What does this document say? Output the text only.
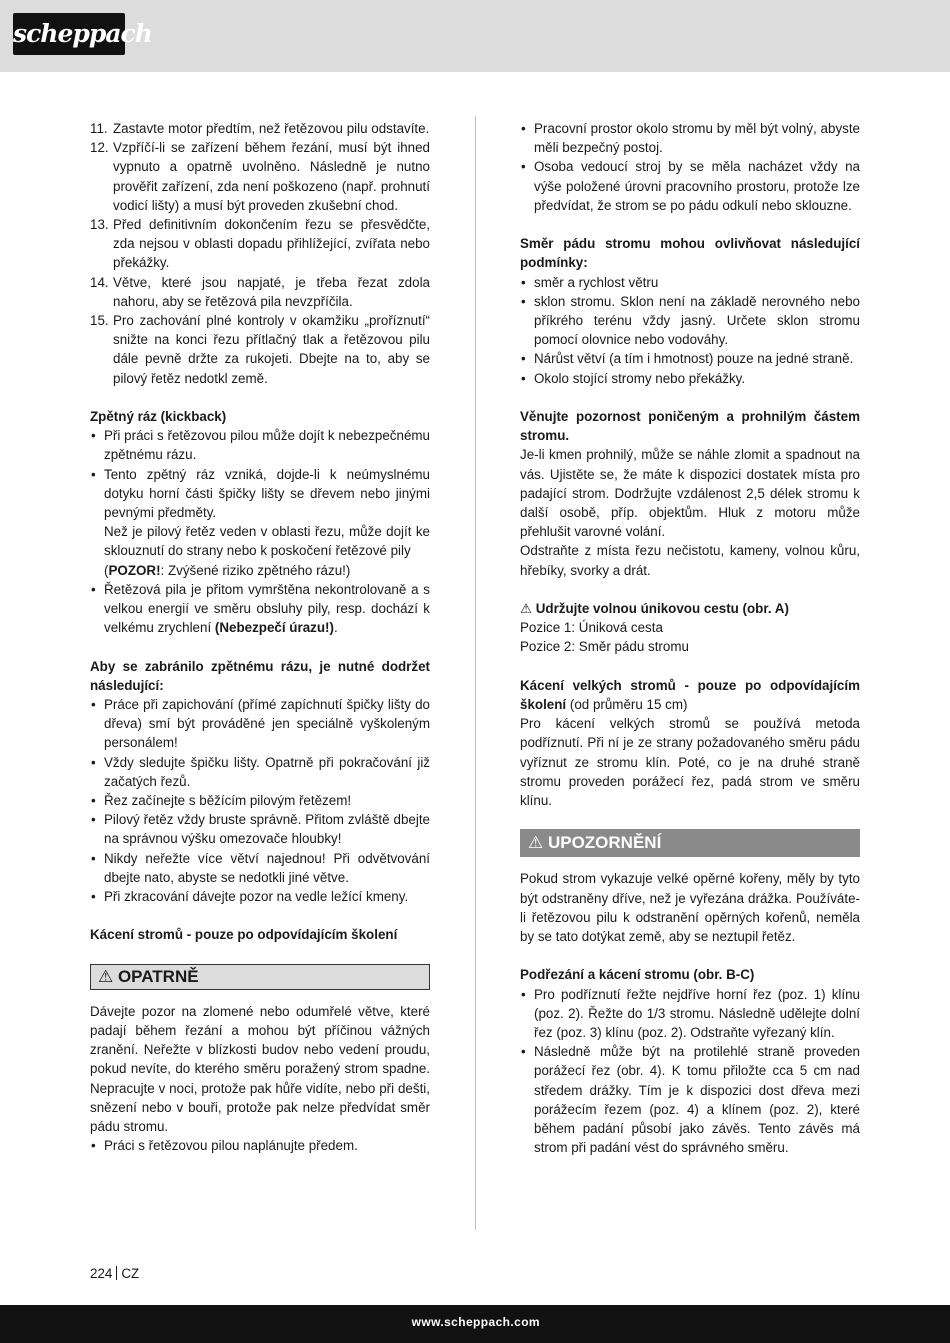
scheppach
11. Zastavte motor předtím, než řetězovou pilu odstavíte.
12. Vzpříčí-li se zařízení během řezání, musí být ihned vypnuto a opatrně uvolněno. Následně je nutno prověřit zařízení, zda není poškozeno (např. prohnutí vodicí lišty) a musí být proveden zkušební chod.
13. Před definitivním dokončením řezu se přesvědčte, zda nejsou v oblasti dopadu přihlížející, zvířata nebo překážky.
14. Větve, které jsou napjaté, je třeba řezat zdola nahoru, aby se řetězová pila nevzpříčila.
15. Pro zachování plné kontroly v okamžiku „proříznutí“ snižte na konci řezu přítlačný tlak a řetězovou pilu dále pevně držte za rukojeti. Dbejte na to, aby se pilový řetěz nedotkl země.

Zpětný ráz (kickback)

• Při práci s řetězovou pilou může dojít k nebezpečnému zpětnému rázu.
• Tento zpětný ráz vzniká, dojde-li k neúmyslnému dotyku horní části špičky lišty se dřevem nebo jinými pevnými předměty.
Než je pilový řetěz veden v oblasti řezu, může dojít ke sklouznutí do strany nebo k poskočení řetězové pily
(POZOR!: Zvýšené riziko zpětného rázu!)
• Řetězová pila je přitom vymrštěna nekontrolovaně a s velkou energií ve směru obsluhy pily, resp. dochází k velkému zrychlení (Nebezpečí úrazu!).

Aby se zabránilo zpětnému rázu, je nutné dodržet následující:

• Práce při zapichování (přímé zapíchnutí špičky lišty do dřeva) smí být prováděné jen speciálně vyškoleným personálem!
• Vždy sledujte špičku lišty. Opatrně při pokračování již začatých řezů.
• Řez začínejte s běžícím pilovým řetězem!
• Pilový řetěz vždy bruste správně. Přitom zvláště dbejte na správnou výšku omezovače hloubky!
• Nikdy neřežte více větví najednou! Při odvětvování dbejte nato, abyste se nedotkli jiné větve.
• Při zkracování dávejte pozor na vedle ležící kmeny.

Kácení stromů - pouze po odpovídajícím školení

⚠ OPATRNĚ

Dávejte pozor na zlomené nebo odumřelé větve, které padají během řezání a mohou být příčinou vážných zranění. Neřežte v blízkosti budov nebo vedení proudu, pokud nevíte, do kterého směru poražený strom spadne. Nepracujte v noci, protože pak hůře vidíte, nebo při dešti, snězení nebo v bouři, protože pak nelze předvídat směr pádu stromu.

• Práci s řetězovou pilou naplánujte předem.
• Pracovní prostor okolo stromu by měl být volný, abyste měli bezpečný postoj.
• Osoba vedoucí stroj by se měla nacházet vždy na výše položené úrovni pracovního prostoru, protože lze předvídat, že strom se po pádu odkulí nebo sklouzne.

Směr pádu stromu mohou ovlivňovat následující podmínky:

• směr a rychlost větru
• sklon stromu. Sklon není na základě nerovného nebo příkrého terénu vždy jasný. Určete sklon stromu pomocí olovnice nebo vodováhy.
• Nárůst větví (a tím i hmotnost) pouze na jedné straně.
• Okolo stojící stromy nebo překážky.

Věnujte pozornost poničeným a prohnilým částem stromu.

Je-li kmen prohnilý, může se náhle zlomit a spadnout na vás. Ujistěte se, že máte k dispozici dostatek místa pro padající strom. Dodržujte vzdálenost 2,5 délek stromu k další osobě, příp. objektům. Hluk z motoru může přehlušit varovné volání.

Odstraňte z místa řezu nečistotu, kameny, volnou kůru, hřebíky, svorky a drát.

⚠ Udržujte volnou únikovou cestu (obr. A)

Pozice 1: Úniková cesta

Pozice 2: Směr pádu stromu

Kácení velkých stromů - pouze po odpovídajícím školení (od průměru 15 cm)

Pro kácení velkých stromů se používá metoda podříznutí. Při ní je ze strany požadovaného směru pádu vyříznut ze stromu klín. Poté, co je na druhé straně stromu proveden porážecí řez, padá strom ve směru klínu.

⚠ UPOZORNĚNÍ

Pokud strom vykazuje velké opěrné kořeny, měly by tyto být odstraněny dříve, než je vyřezána drážka. Používáte-li řetězovou pilu k odstranění opěrných kořenů, neměla by se tato dotýkat země, aby se neztupil řetěz.

Podřezání a kácení stromu (obr. B-C)

• Pro podříznutí řežte nejdříve horní řez (poz. 1) klínu (poz. 2). Řežte do 1/3 stromu. Následně udělejte dolní řez (poz. 3) klínu (poz. 2). Odstraňte vyřezaný klín.
• Následně může být na protilehlé straně proveden porážecí řez (obr. 4). K tomu přiložte cca 5 cm nad středem drážky. Tím je k dispozici dost dřeva mezi porážecím řezem (poz. 4) a klínem (poz. 2), které během padání působí jako závěs. Tento závěs má strom při padání vést do správného směru.
224 CZ
www.scheppach.com
